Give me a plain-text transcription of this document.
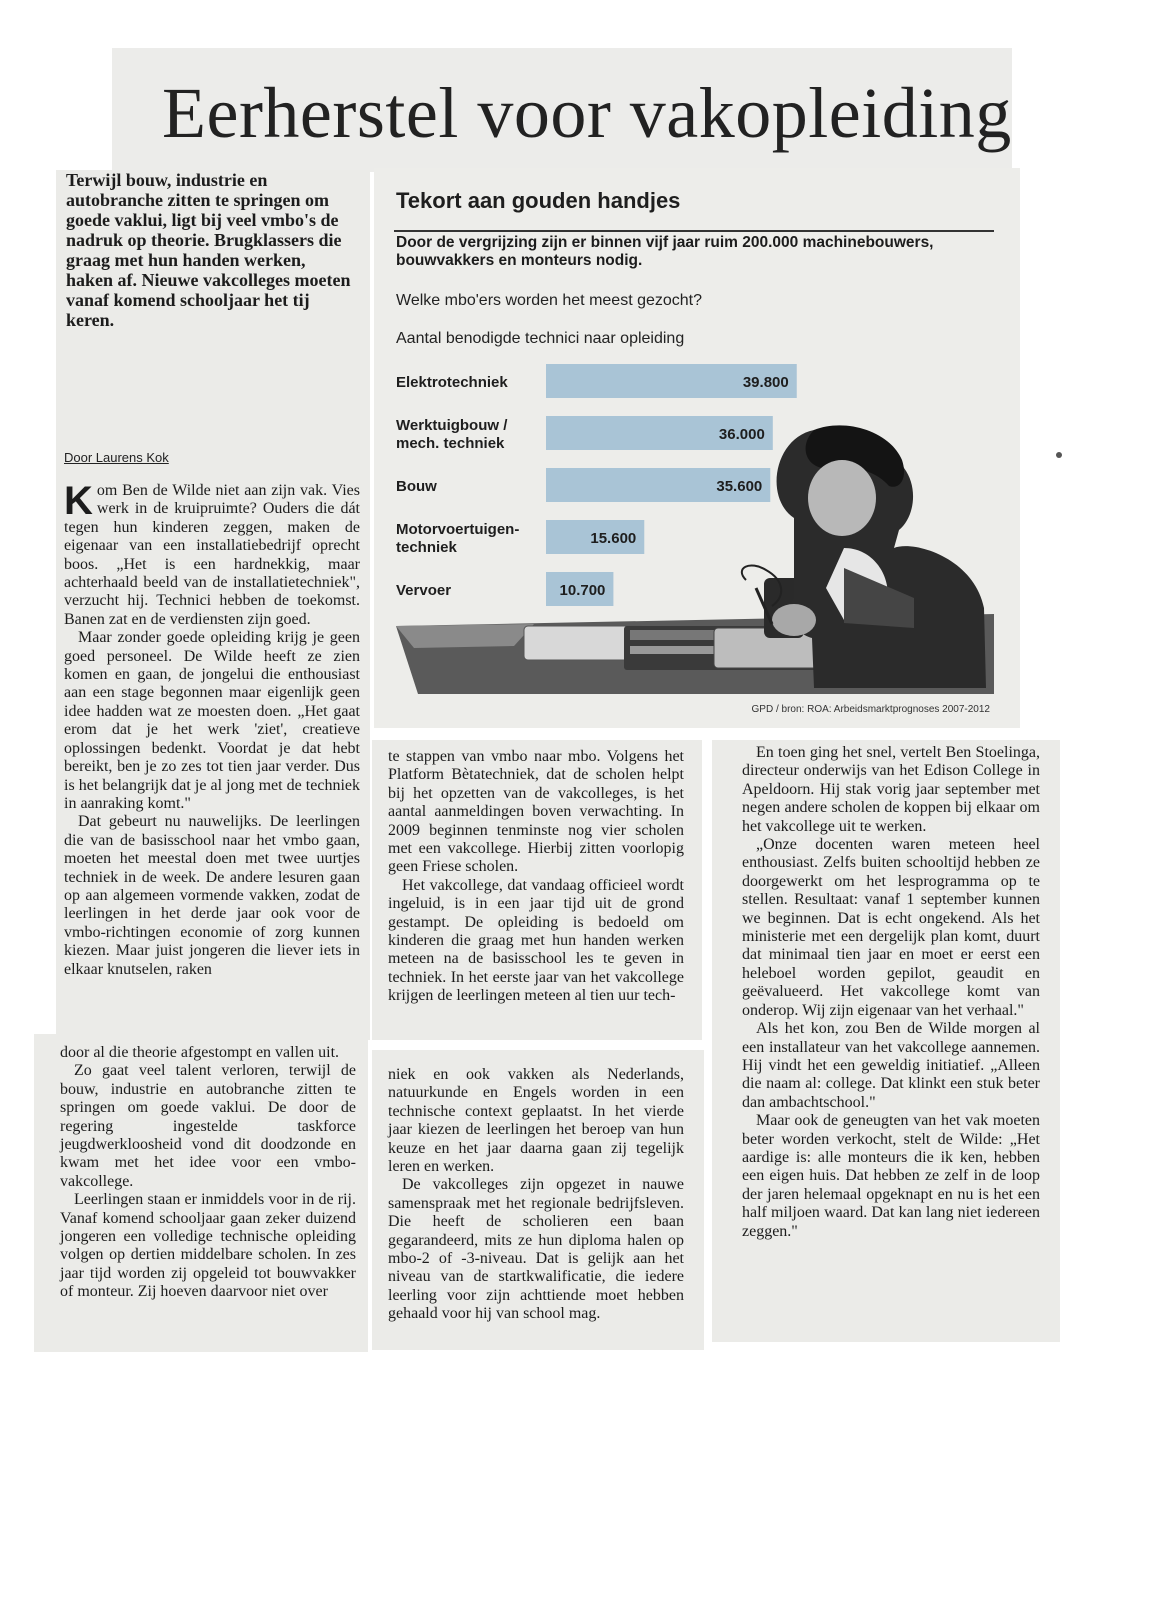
Eerherstel voor vakopleiding

Terwijl bouw, industrie en autobranche zitten te springen om goede vaklui, ligt bij veel vmbo's de nadruk op theorie. Brugklassers die graag met hun handen werken, haken af. Nieuwe vakcolleges moeten vanaf komend schooljaar het tij keren.

Door Laurens Kok

Kom Ben de Wilde niet aan zijn vak. Vies werk in de kruipruimte? Ouders die dát tegen hun kinderen zeggen, maken de eigenaar van een installatiebedrijf oprecht boos. „Het is een hardnekkig, maar achterhaald beeld van de installatietechniek", verzucht hij. Technici hebben de toekomst. Banen zat en de verdiensten zijn goed.

Maar zonder goede opleiding krijg je geen goed personeel. De Wilde heeft ze zien komen en gaan, de jongelui die enthousiast aan een stage begonnen maar eigenlijk geen idee hadden wat ze moesten doen. „Het gaat erom dat je het werk 'ziet', creatieve oplossingen bedenkt. Voordat je dat hebt bereikt, ben je zo zes tot tien jaar verder. Dus is het belangrijk dat je al jong met de techniek in aanraking komt."

Dat gebeurt nu nauwelijks. De leerlingen die van de basisschool naar het vmbo gaan, moeten het meestal doen met twee uurtjes techniek in de week. De andere lesuren gaan op aan algemeen vormende vakken, zodat de leerlingen in het derde jaar ook voor de vmbo-richtingen economie of zorg kunnen kiezen. Maar juist jongeren die liever iets in elkaar knutselen, raken

Tekort aan gouden handjes

Door de vergrijzing zijn er binnen vijf jaar ruim 200.000 machinebouwers, bouwvakkers en monteurs nodig.

Welke mbo'ers worden het meest gezocht?
Aantal benodigde technici naar opleiding
39.800
Elektrotechniek
36.000
Werktuigbouw /
mech. techniek
35.600
Bouw
15.600
Motorvoertuigen-
techniek
10.700
Vervoer
GPD / bron: ROA: Arbeidsmarktprognoses 2007-2012

te stappen van vmbo naar mbo. Volgens het Platform Bètatechniek, dat de scholen helpt bij het opzetten van de vakcolleges, is het aantal aanmeldingen boven verwachting. In 2009 beginnen tenminste nog vier scholen met een vakcollege. Hierbij zitten voorlopig geen Friese scholen.

Het vakcollege, dat vandaag officieel wordt ingeluid, is in een jaar tijd uit de grond gestampt. De opleiding is bedoeld om kinderen die graag met hun handen werken meteen na de basisschool les te geven in techniek. In het eerste jaar van het vakcollege krijgen de leerlingen meteen al tien uur tech-

En toen ging het snel, vertelt Ben Stoelinga, directeur onderwijs van het Edison College in Apeldoorn. Hij stak vorig jaar september met negen andere scholen de koppen bij elkaar om het vakcollege uit te werken.

„Onze docenten waren meteen heel enthousiast. Zelfs buiten schooltijd hebben ze doorgewerkt om het lesprogramma op te stellen. Resultaat: vanaf 1 september kunnen we beginnen. Dat is echt ongekend. Als het ministerie met een dergelijk plan komt, duurt dat minimaal tien jaar en moet er eerst een heleboel worden gepilot, geaudit en geëvalueerd. Het vakcollege komt van onderop. Wij zijn eigenaar van het verhaal."

Als het kon, zou Ben de Wilde morgen al een installateur van het vakcollege aannemen. Hij vindt het een geweldig initiatief. „Alleen die naam al: college. Dat klinkt een stuk beter dan ambachtschool."

Maar ook de geneugten van het vak moeten beter worden verkocht, stelt de Wilde: „Het aardige is: alle monteurs die ik ken, hebben een eigen huis. Dat hebben ze zelf in de loop der jaren helemaal opgeknapt en nu is het een half miljoen waard. Dat kan lang niet iedereen zeggen."

door al die theorie afgestompt en vallen uit.

Zo gaat veel talent verloren, terwijl de bouw, industrie en autobranche zitten te springen om goede vaklui. De door de regering ingestelde taskforce jeugdwerkloosheid vond dit doodzonde en kwam met het idee voor een vmbo-vakcollege.

Leerlingen staan er inmiddels voor in de rij. Vanaf komend schooljaar gaan zeker duizend jongeren een volledige technische opleiding volgen op dertien middelbare scholen. In zes jaar tijd worden zij opgeleid tot bouwvakker of monteur. Zij hoeven daarvoor niet over

niek en ook vakken als Nederlands, natuurkunde en Engels worden in een technische context geplaatst. In het vierde jaar kiezen de leerlingen het beroep van hun keuze en het jaar daarna gaan zij tegelijk leren en werken.

De vakcolleges zijn opgezet in nauwe samenspraak met het regionale bedrijfsleven. Die heeft de scholieren een baan gegarandeerd, mits ze hun diploma halen op mbo-2 of -3-niveau. Dat is gelijk aan het niveau van de startkwalificatie, die iedere leerling voor zijn achttiende moet hebben gehaald voor hij van school mag.
